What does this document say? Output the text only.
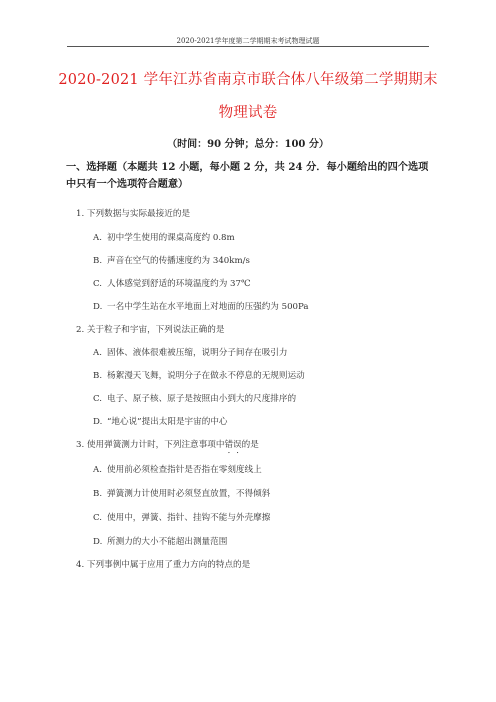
2020-2021学年度第二学期期末考试物理试题
2020-2021 学年江苏省南京市联合体八年级第二学期期末
物理试卷
（时间：90 分钟；总分：100 分）
一、选择题（本题共 12 小题，每小题 2 分，共 24 分．每小题给出的四个选项中只有一个选项符合题意）
1. 下列数据与实际最接近的是
A. 初中学生使用的课桌高度约 0.8m
B. 声音在空气的传播速度约为 340km/s
C. 人体感觉到舒适的环境温度约为 37℃
D. 一名中学生站在水平地面上对地面的压强约为 500Pa
2. 关于粒子和宇宙，下列说法正确的是
A. 固体、液体很难被压缩，说明分子间存在吸引力
B. 杨絮漫天飞舞，说明分子在做永不停息的无规则运动
C. 电子、原子核、原子是按照由小到大的尺度排序的
D. “地心说”提出太阳是宇宙的中心
3. 使用弹簧测力计时，下列注意事项中错误的是
A. 使用前必须检查指针是否指在零刻度线上
B. 弹簧测力计使用时必须竖直放置，不得倾斜
C. 使用中，弹簧、指针、挂钩不能与外壳摩擦
D. 所测力的大小不能超出测量范围
4. 下列事例中属于应用了重力方向的特点的是
